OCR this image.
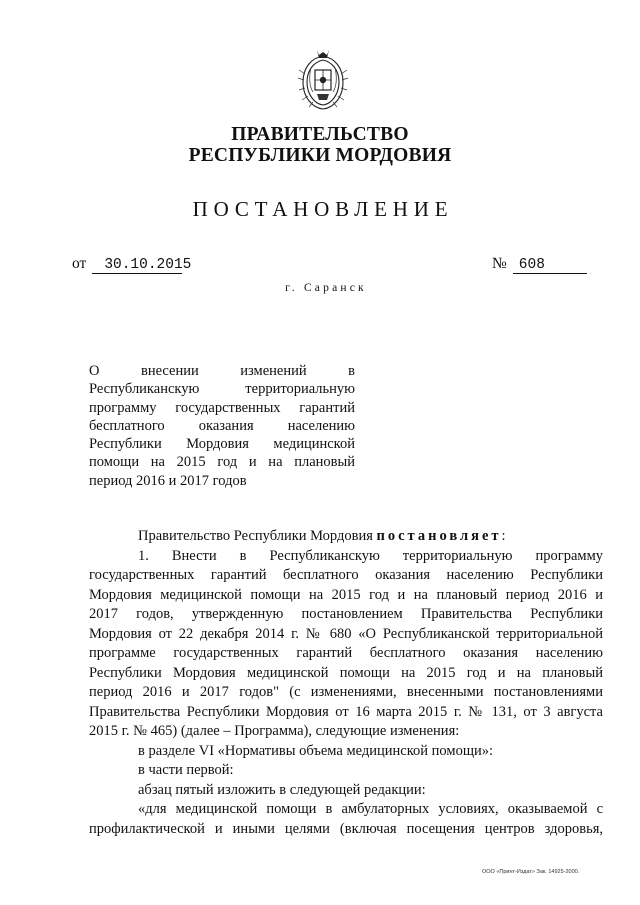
ПРАВИТЕЛЬСТВО
РЕСПУБЛИКИ МОРДОВИЯ
ПОСТАНОВЛЕНИЕ
от 30.10.2015	№ 608
г. Саранск
О внесении изменений в
Республиканскую территориальную
программу государственных гарантий
бесплатного оказания населению
Республики Мордовия медицинской
помощи на 2015 год и на плановый
период 2016 и 2017 годов
Правительство Республики Мордовия постановляет:
1. Внести в Республиканскую территориальную программу
государственных гарантий бесплатного оказания населению Республики
Мордовия медицинской помощи на 2015 год и на плановый период 2016 и
2017 годов, утвержденную постановлением Правительства Республики
Мордовия от 22 декабря 2014 г. № 680 «О Республиканской территориальной
программе государственных гарантий бесплатного оказания населению
Республики Мордовия медицинской помощи на 2015 год и на плановый
период 2016 и 2017 годов" (с изменениями, внесенными постановлениями
Правительства Республики Мордовия от 16 марта 2015 г. № 131, от 3 августа
2015 г. № 465) (далее – Программа), следующие изменения:
в разделе VI «Нормативы объема медицинской помощи»:
в части первой:
абзац пятый изложить в следующей редакции:
«для медицинской помощи в амбулаторных условиях, оказываемой с
профилактической и иными целями (включая посещения центров здоровья,
ООО «Принт-Издат» Зак. 14925-2000.
